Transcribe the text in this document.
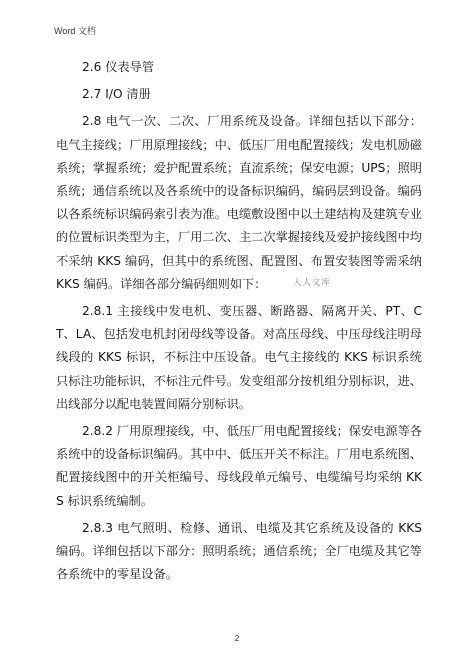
Word 文档

2.6 仪表导管

2.7 I/O 清册

2.8 电气一次、二次、厂用系统及设备。详细包括以下部分：电气主接线；厂用原理接线；中、低压厂用电配置接线；发电机励磁系统；掌握系统；爱护配置系统；直流系统；保安电源；UPS；照明系统；通信系统以及各系统中的设备标识编码，编码层到设备。编码以各系统标识编码索引表为准。电缆敷设图中以土建结构及建筑专业的位置标识类型为主，厂用二次、主二次掌握接线及爱护接线图中均不采纳 KKS 编码，但其中的系统图、配置图、布置安装图等需采纳 KKS 编码。详细各部分编码细则如下：

2.8.1 主接线中发电机、变压器、断路器、隔离开关、PT、CT、LA、包括发电机封闭母线等设备。对高压母线、中压母线注明母线段的 KKS 标识，不标注中压设备。电气主接线的 KKS 标识系统只标注功能标识，不标注元件号。发变组部分按机组分别标识，进、出线部分以配电装置间隔分别标识。

2.8.2 厂用原理接线，中、低压厂用电配置接线；保安电源等各系统中的设备标识编码。其中中、低压开关不标注。厂用电系统图、配置接线图中的开关柜编号、母线段单元编号、电缆编号均采纳 KKS 标识系统编制。

2.8.3 电气照明、检修、通讯、电缆及其它系统及设备的 KKS 编码。详细包括以下部分：照明系统；通信系统；全厂电缆及其它等各系统中的零星设备。

人人文库
2
